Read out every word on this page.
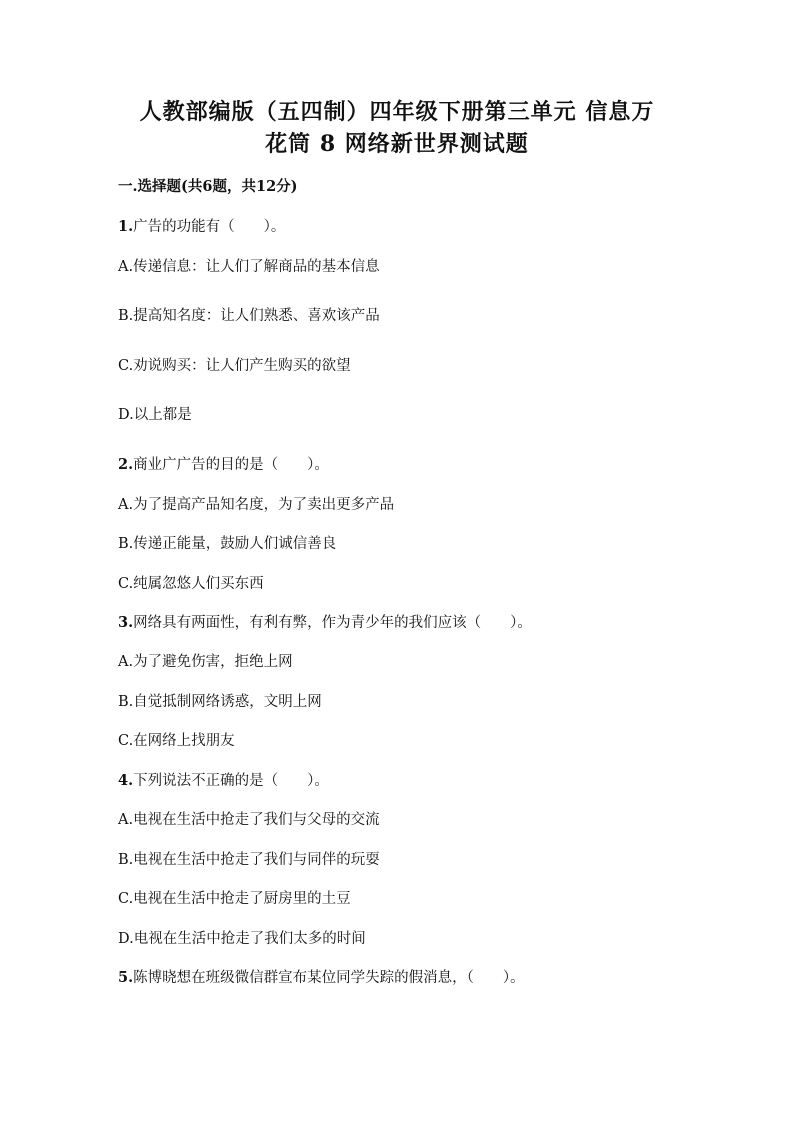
人教部编版（五四制）四年级下册第三单元 信息万
花筒 8 网络新世界测试题
一.选择题(共6题，共12分)
1.广告的功能有（　　）。
A.传递信息：让人们了解商品的基本信息
B.提高知名度：让人们熟悉、喜欢该产品
C.劝说购买：让人们产生购买的欲望
D.以上都是
2.商业广广告的目的是（　　）。
A.为了提高产品知名度，为了卖出更多产品
B.传递正能量，鼓励人们诚信善良
C.纯属忽悠人们买东西
3.网络具有两面性，有利有弊，作为青少年的我们应该（　　）。
A.为了避免伤害，拒绝上网
B.自觉抵制网络诱惑，文明上网
C.在网络上找朋友
4.下列说法不正确的是（　　）。
A.电视在生活中抢走了我们与父母的交流
B.电视在生活中抢走了我们与同伴的玩耍
C.电视在生活中抢走了厨房里的土豆
D.电视在生活中抢走了我们太多的时间
5.陈博晓想在班级微信群宣布某位同学失踪的假消息，（　　）。
